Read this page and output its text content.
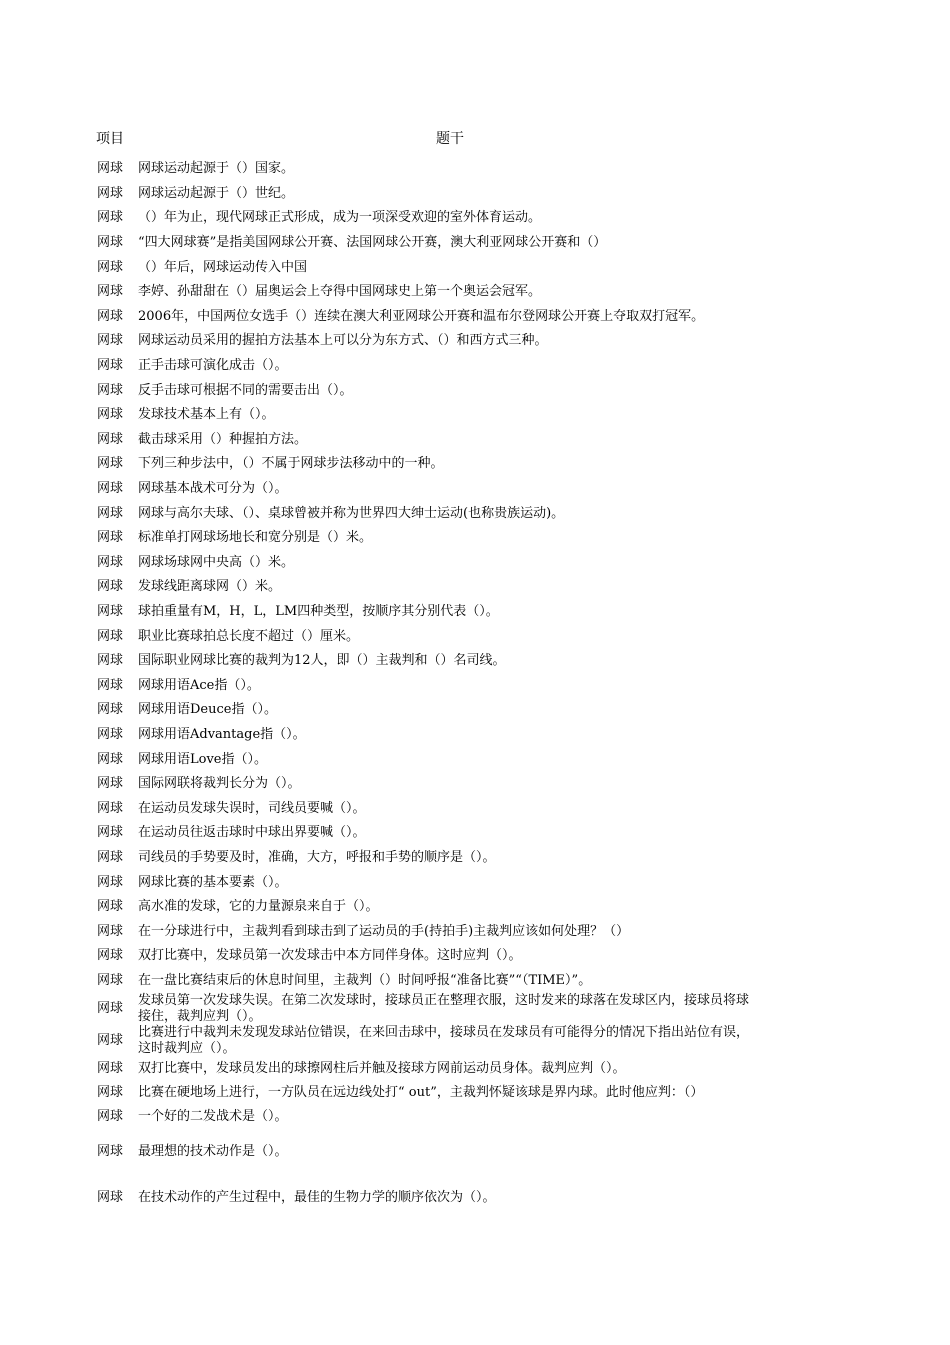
项目	题干
网球 网球运动起源于（）国家。
网球 网球运动起源于（）世纪。
网球 （）年为止，现代网球正式形成，成为一项深受欢迎的室外体育运动。
网球 “四大网球赛”是指美国网球公开赛、法国网球公开赛，澳大利亚网球公开赛和（）
网球 （）年后，网球运动传入中国
网球 李婷、孙甜甜在（）届奥运会上夺得中国网球史上第一个奥运会冠军。
网球 2006年，中国两位女选手（）连续在澳大利亚网球公开赛和温布尔登网球公开赛上夺取双打冠军。
网球 网球运动员采用的握拍方法基本上可以分为东方式、（）和西方式三种。
网球 正手击球可演化成击（）。
网球 反手击球可根据不同的需要击出（）。
网球 发球技术基本上有（）。
网球 截击球采用（）种握拍方法。
网球 下列三种步法中，（）不属于网球步法移动中的一种。
网球 网球基本战术可分为（）。
网球 网球与高尔夫球、（）、桌球曾被并称为世界四大绅士运动(也称贵族运动)。
网球 标准单打网球场地长和宽分别是（）米。
网球 网球场球网中央高（）米。
网球 发球线距离球网（）米。
网球 球拍重量有M，H，L，LM四种类型，按顺序其分别代表（）。
网球 职业比赛球拍总长度不超过（）厘米。
网球 国际职业网球比赛的裁判为12人，即（）主裁判和（）名司线。
网球 网球用语Ace指（）。
网球 网球用语Deuce指（）。
网球 网球用语Advantage指（）。
网球 网球用语Love指（）。
网球 国际网联将裁判长分为（）。
网球 在运动员发球失误时，司线员要喊（）。
网球 在运动员往返击球时中球出界要喊（）。
网球 司线员的手势要及时，准确，大方，呼报和手势的顺序是（）。
网球 网球比赛的基本要素（）。
网球 高水准的发球，它的力量源泉来自于（）。
网球 在一分球进行中，主裁判看到球击到了运动员的手(持拍手)主裁判应该如何处理？（）
网球 双打比赛中，发球员第一次发球击中本方同伴身体。这时应判（）。
网球 在一盘比赛结束后的休息时间里，主裁判（）时间呼报“准备比赛”“（TIME）”。
网球
发球员第一次发球失误。在第二次发球时，接球员正在整理衣服，这时发来的球落在发球区内，接球员将球接住，裁判应判（）。
网球
比赛进行中裁判未发现发球站位错误，在来回击球中，接球员在发球员有可能得分的情况下指出站位有误，这时裁判应（）。
网球 双打比赛中，发球员发出的球擦网柱后并触及接球方网前运动员身体。裁判应判（）。
网球 比赛在硬地场上进行，一方队员在远边线处打“ out”，主裁判怀疑该球是界内球。此时他应判：（）
网球 一个好的二发战术是（）。
网球 最理想的技术动作是（）。
网球 在技术动作的产生过程中，最佳的生物力学的顺序依次为（）。
